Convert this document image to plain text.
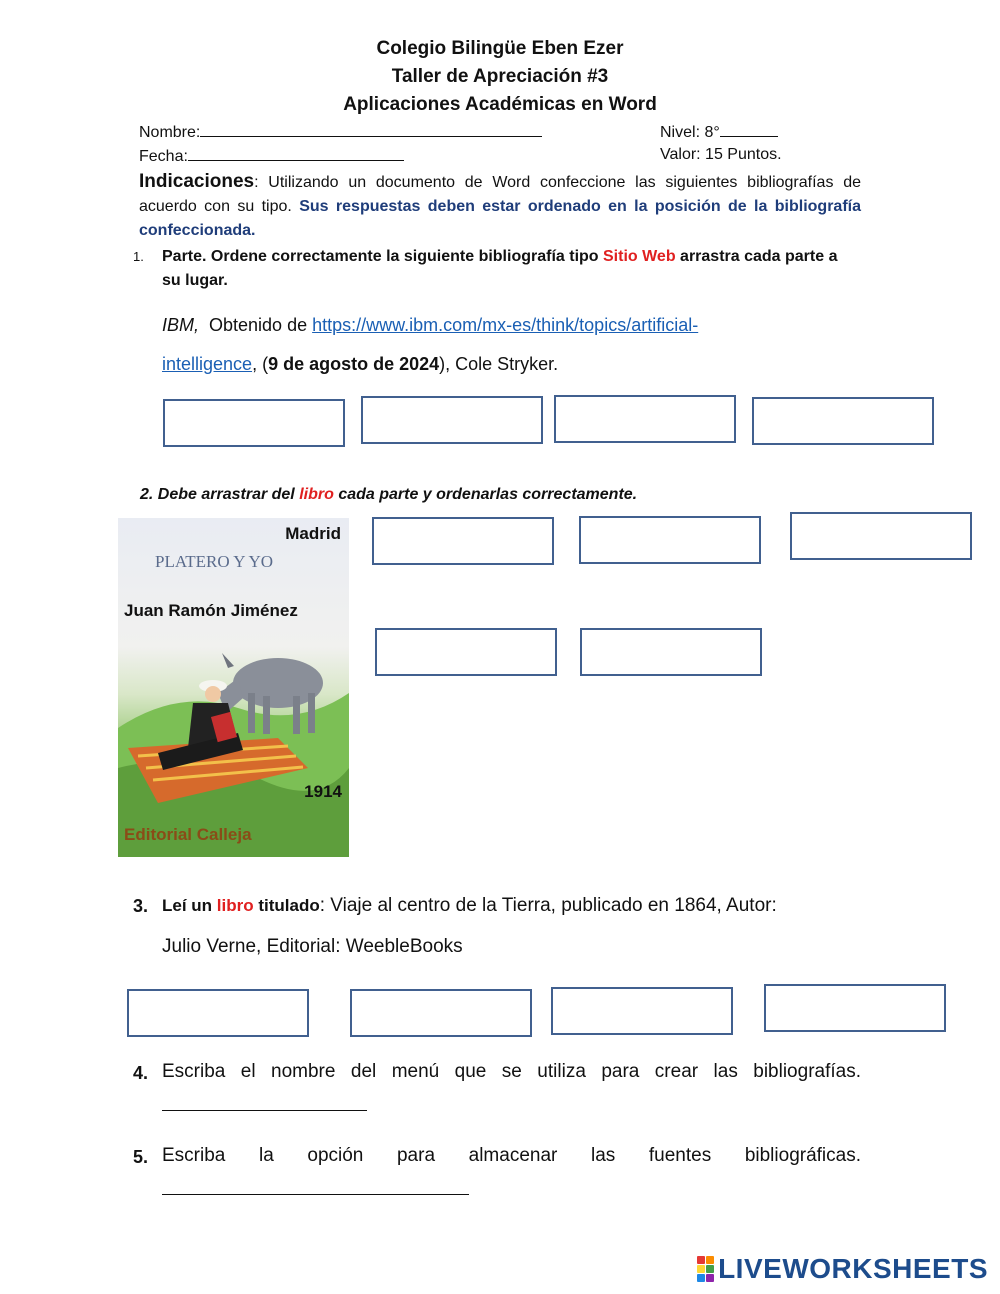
Colegio Bilingüe Eben Ezer
Taller de Apreciación #3
Aplicaciones Académicas en Word
Nombre:	Nivel: 8°
Fecha:	Valor: 15 Puntos.
Indicaciones: Utilizando un documento de Word confeccione las siguientes bibliografías de acuerdo con su tipo. Sus respuestas deben estar ordenado en la posición de la bibliografía confeccionada.
1. Parte. Ordene correctamente la siguiente bibliografía tipo Sitio Web arrastra cada parte a su lugar.
IBM,  Obtenido de https://www.ibm.com/mx-es/think/topics/artificial-
intelligence, (9 de agosto de 2024), Cole Stryker.
2. Debe arrastrar del libro cada parte y ordenarlas correctamente.
Madrid
PLATERO Y YO
Juan Ramón Jiménez
1914
Editorial Calleja
3. Leí un libro titulado: Viaje al centro de la Tierra, publicado en 1864, Autor:
Julio Verne, Editorial: WeebleBooks
4. Escriba el nombre del menú que se utiliza para crear las bibliografías.
5. Escriba la opción para almacenar las fuentes bibliográficas.
LIVEWORKSHEETS
